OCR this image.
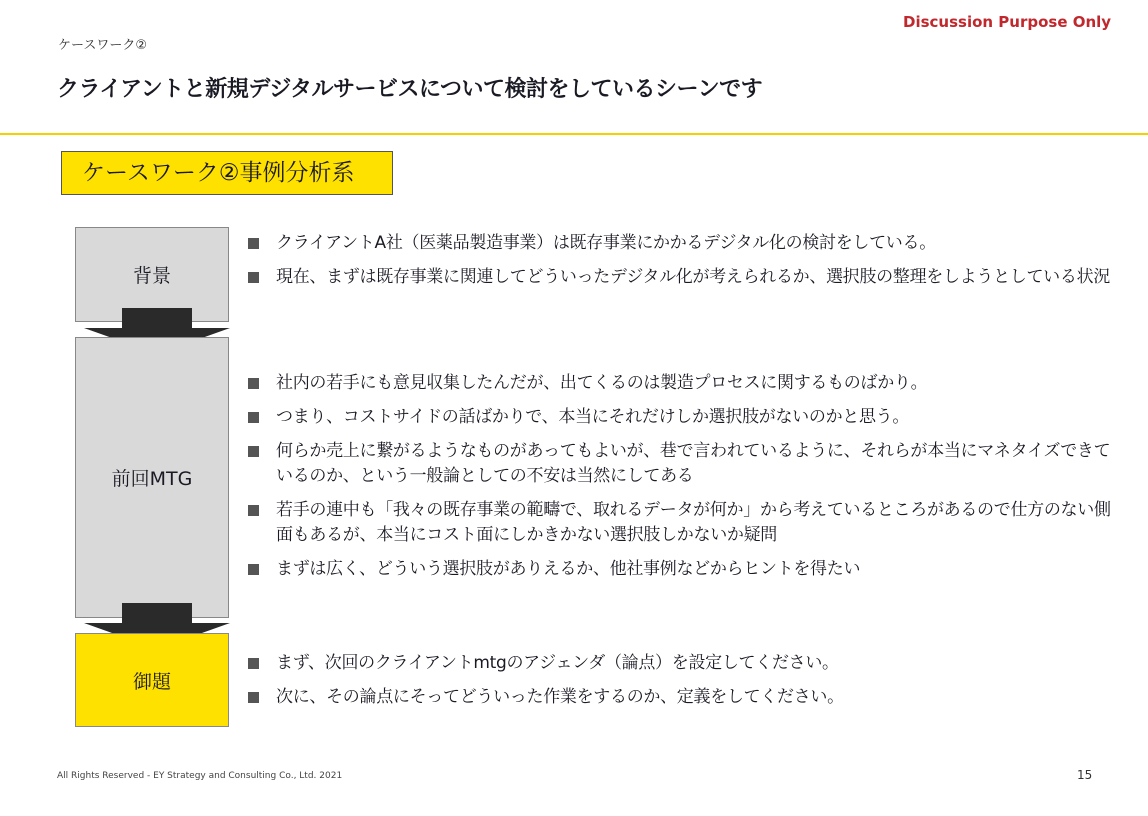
Discussion Purpose Only
ケースワーク②
クライアントと新規デジタルサービスについて検討をしているシーンです
ケースワーク②事例分析系
背景
前回MTG
御題
クライアントA社（医薬品製造事業）は既存事業にかかるデジタル化の検討をしている。
現在、まずは既存事業に関連してどういったデジタル化が考えられるか、選択肢の整理をしようとしている状況
社内の若手にも意見収集したんだが、出てくるのは製造プロセスに関するものばかり。
つまり、コストサイドの話ばかりで、本当にそれだけしか選択肢がないのかと思う。
何らか売上に繋がるようなものがあってもよいが、巷で言われているように、それらが本当にマネタイズできているのか、という一般論としての不安は当然にしてある
若手の連中も「我々の既存事業の範疇で、取れるデータが何か」から考えているところがあるので仕方のない側面もあるが、本当にコスト面にしかきかない選択肢しかないか疑問
まずは広く、どういう選択肢がありえるか、他社事例などからヒントを得たい
まず、次回のクライアントmtgのアジェンダ（論点）を設定してください。
次に、その論点にそってどういった作業をするのか、定義をしてください。
All Rights Reserved - EY Strategy and Consulting Co., Ltd. 2021	15
